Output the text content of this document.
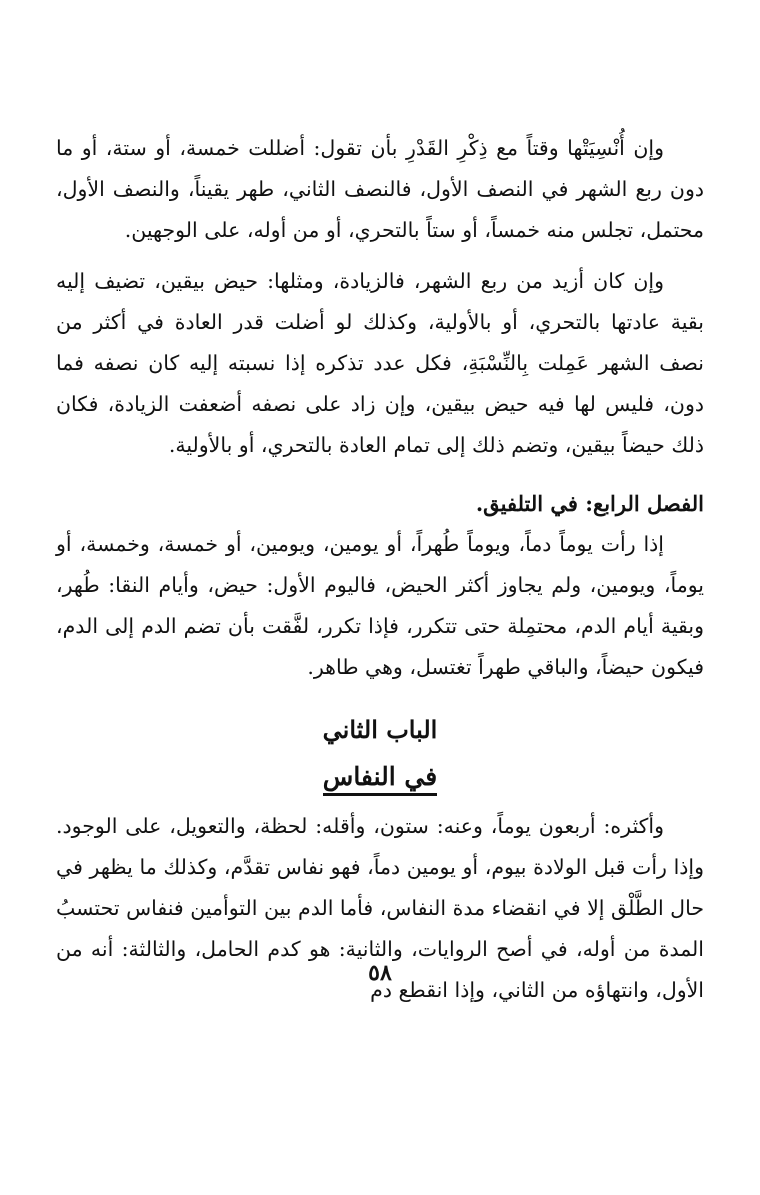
وإن أُنْسِيَتْها وقتاً مع ذِكْرِ القَدْرِ بأن تقول: أضللت خمسة، أو ستة، أو ما دون ربع الشهر في النصف الأول، فالنصف الثاني، طهر يقيناً، والنصف الأول، محتمل، تجلس منه خمساً، أو ستاً بالتحري، أو من أوله، على الوجهين.

وإن كان أزيد من ربع الشهر، فالزيادة، ومثلها: حيض بيقين، تضيف إليه بقية عادتها بالتحري، أو بالأولية، وكذلك لو أضلت قدر العادة في أكثر من نصف الشهر عَمِلت بِالنِّسْبَةِ، فكل عدد تذكره إذا نسبته إليه كان نصفه فما دون، فليس لها فيه حيض بيقين، وإن زاد على نصفه أضعفت الزيادة، فكان ذلك حيضاً بيقين، وتضم ذلك إلى تمام العادة بالتحري، أو بالأولية.

الفصل الرابع: في التلفيق.

إذا رأت يوماً دماً، ويوماً طُهراً، أو يومين، ويومين، أو خمسة، وخمسة، أو يوماً، ويومين، ولم يجاوز أكثر الحيض، فاليوم الأول: حيض، وأيام النقا: طُهر، وبقية أيام الدم، محتمِلة حتى تتكرر، فإذا تكرر، لفَّقت بأن تضم الدم إلى الدم، فيكون حيضاً، والباقي طهراً تغتسل، وهي طاهر.

الباب الثاني
في النفاس

وأكثره: أربعون يوماً، وعنه: ستون، وأقله: لحظة، والتعويل، على الوجود. وإذا رأت قبل الولادة بيوم، أو يومين دماً، فهو نفاس تقدَّم، وكذلك ما يظهر في حال الطَّلْق إلا في انقضاء مدة النفاس، فأما الدم بين التوأمين فنفاس تحتسبُ المدة من أوله، في أصح الروايات، والثانية: هو كدم الحامل، والثالثة: أنه من الأول، وانتهاؤه من الثاني، وإذا انقطع دم

٥٨
